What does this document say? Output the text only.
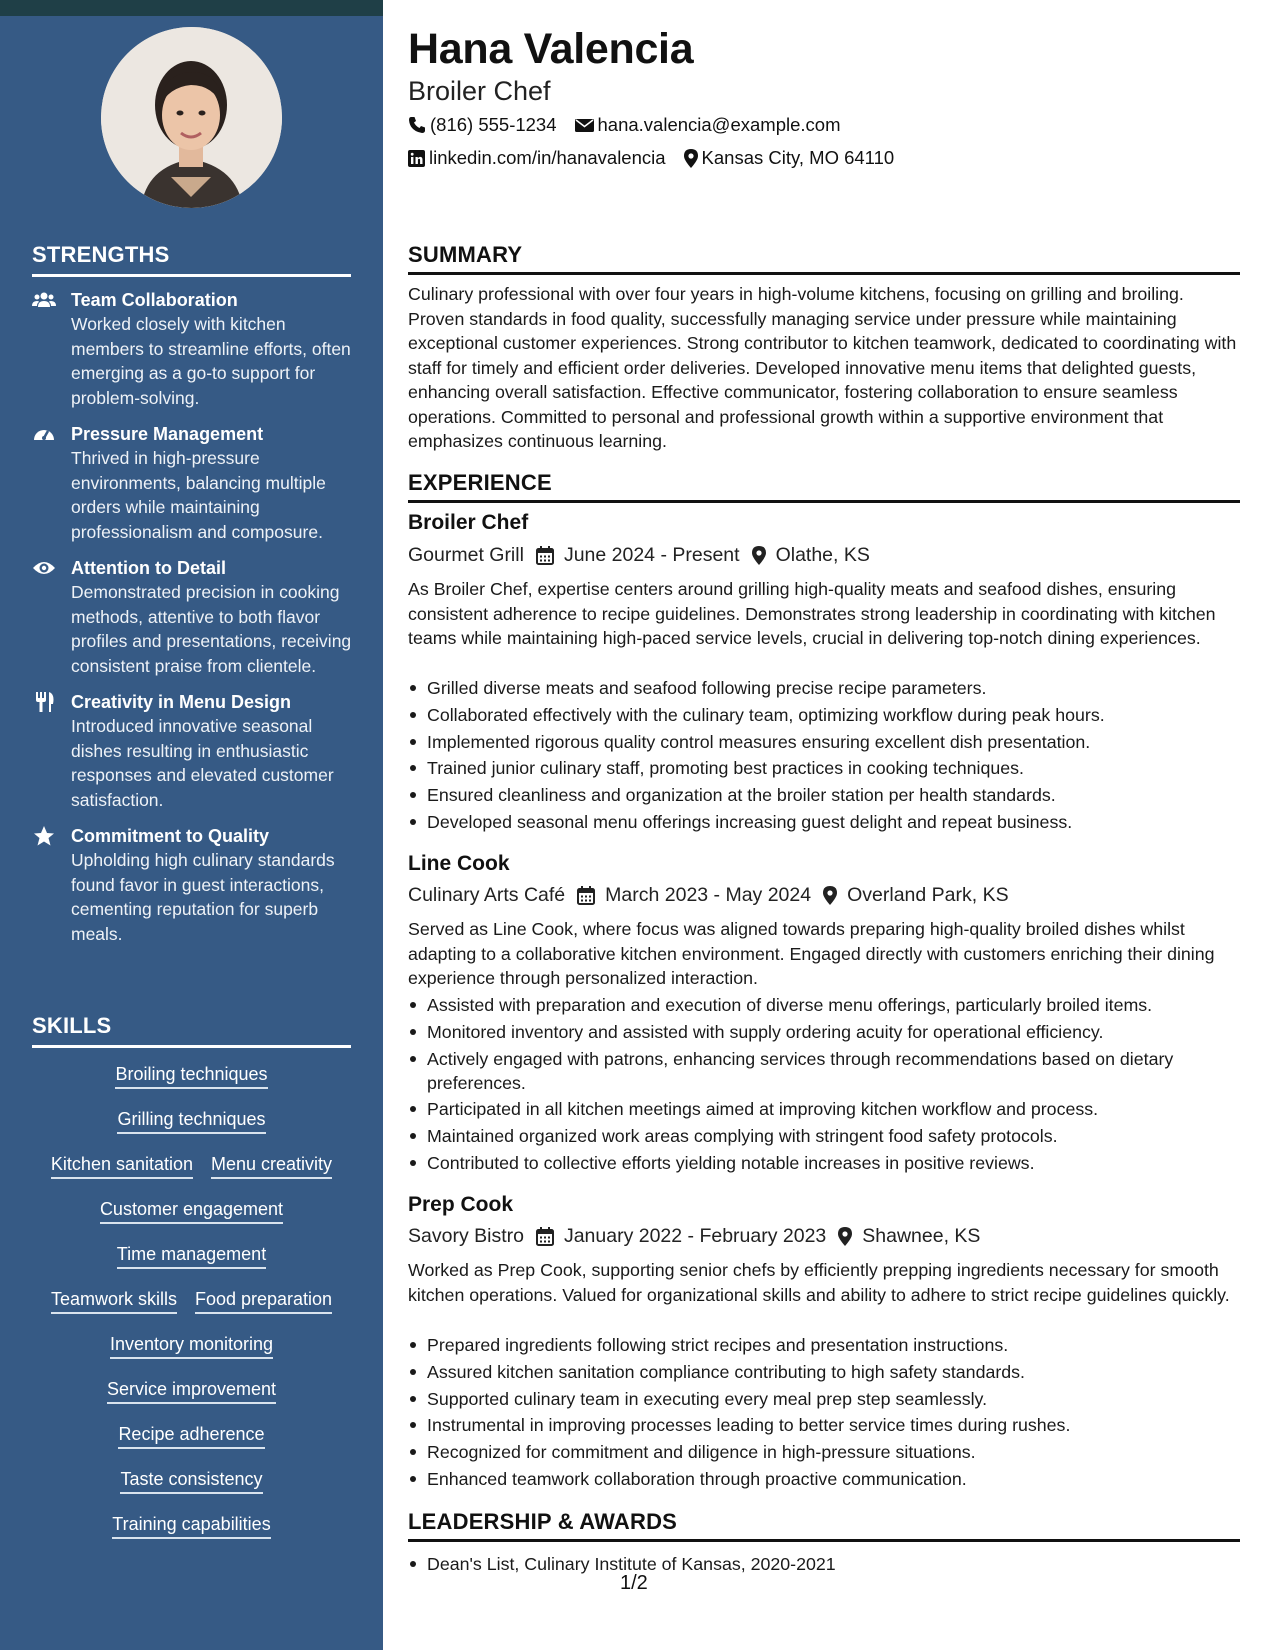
STRENGTHS
Team Collaboration
Worked closely with kitchen members to streamline efforts, often emerging as a go-to support for problem-solving.
Pressure Management
Thrived in high-pressure environments, balancing multiple orders while maintaining professionalism and composure.
Attention to Detail
Demonstrated precision in cooking methods, attentive to both flavor profiles and presentations, receiving consistent praise from clientele.
Creativity in Menu Design
Introduced innovative seasonal dishes resulting in enthusiastic responses and elevated customer satisfaction.
Commitment to Quality
Upholding high culinary standards found favor in guest interactions, cementing reputation for superb meals.
SKILLS
Broiling techniques
Grilling techniques
Kitchen sanitation Menu creativity
Customer engagement
Time management
Teamwork skills Food preparation
Inventory monitoring
Service improvement
Recipe adherence
Taste consistency
Training capabilities
Hana Valencia
Broiler Chef
(816) 555-1234 hana.valencia@example.com
linkedin.com/in/hanavalencia Kansas City, MO 64110
SUMMARY
Culinary professional with over four years in high-volume kitchens, focusing on grilling and broiling. Proven standards in food quality, successfully managing service under pressure while maintaining exceptional customer experiences. Strong contributor to kitchen teamwork, dedicated to coordinating with staff for timely and efficient order deliveries. Developed innovative menu items that delighted guests, enhancing overall satisfaction. Effective communicator, fostering collaboration to ensure seamless operations. Committed to personal and professional growth within a supportive environment that emphasizes continuous learning.
EXPERIENCE
Broiler Chef
Gourmet Grill June 2024 - Present Olathe, KS
As Broiler Chef, expertise centers around grilling high-quality meats and seafood dishes, ensuring consistent adherence to recipe guidelines. Demonstrates strong leadership in coordinating with kitchen teams while maintaining high-paced service levels, crucial in delivering top-notch dining experiences.
Grilled diverse meats and seafood following precise recipe parameters.
Collaborated effectively with the culinary team, optimizing workflow during peak hours.
Implemented rigorous quality control measures ensuring excellent dish presentation.
Trained junior culinary staff, promoting best practices in cooking techniques.
Ensured cleanliness and organization at the broiler station per health standards.
Developed seasonal menu offerings increasing guest delight and repeat business.
Line Cook
Culinary Arts Café March 2023 - May 2024 Overland Park, KS
Served as Line Cook, where focus was aligned towards preparing high-quality broiled dishes whilst adapting to a collaborative kitchen environment. Engaged directly with customers enriching their dining experience through personalized interaction.
Assisted with preparation and execution of diverse menu offerings, particularly broiled items.
Monitored inventory and assisted with supply ordering acuity for operational efficiency.
Actively engaged with patrons, enhancing services through recommendations based on dietary preferences.
Participated in all kitchen meetings aimed at improving kitchen workflow and process.
Maintained organized work areas complying with stringent food safety protocols.
Contributed to collective efforts yielding notable increases in positive reviews.
Prep Cook
Savory Bistro January 2022 - February 2023 Shawnee, KS
Worked as Prep Cook, supporting senior chefs by efficiently prepping ingredients necessary for smooth kitchen operations. Valued for organizational skills and ability to adhere to strict recipe guidelines quickly.
Prepared ingredients following strict recipes and presentation instructions.
Assured kitchen sanitation compliance contributing to high safety standards.
Supported culinary team in executing every meal prep step seamlessly.
Instrumental in improving processes leading to better service times during rushes.
Recognized for commitment and diligence in high-pressure situations.
Enhanced teamwork collaboration through proactive communication.
LEADERSHIP & AWARDS
Dean's List, Culinary Institute of Kansas, 2020-2021
1/2
